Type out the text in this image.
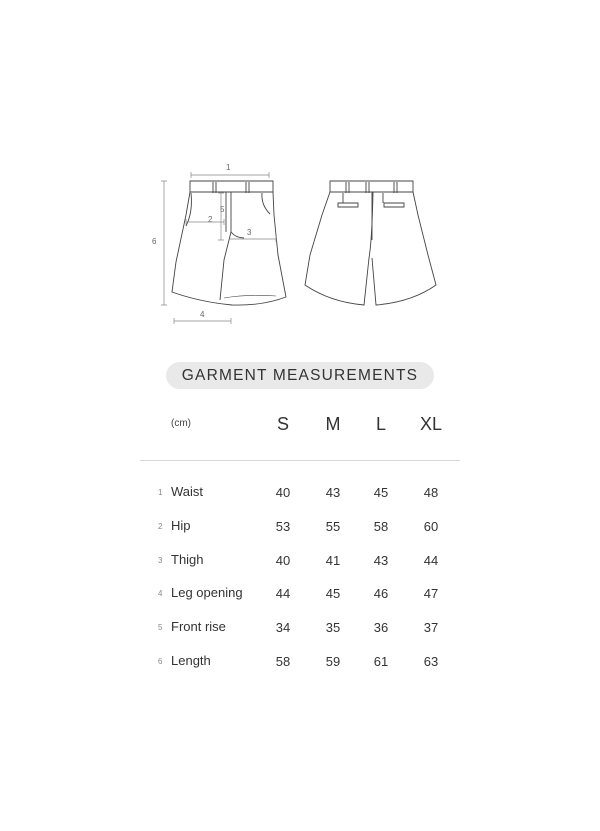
1
2
3
4
5
6
GARMENT MEASUREMENTS
(cm)	S M L XL
1 Waist	40	43	45	48
2 Hip	53	55	58	60
3 Thigh	40	41	43	44
4 Leg opening	44	45	46	47
5 Front rise	34	35	36	37
6 Length	58	59	61	63
